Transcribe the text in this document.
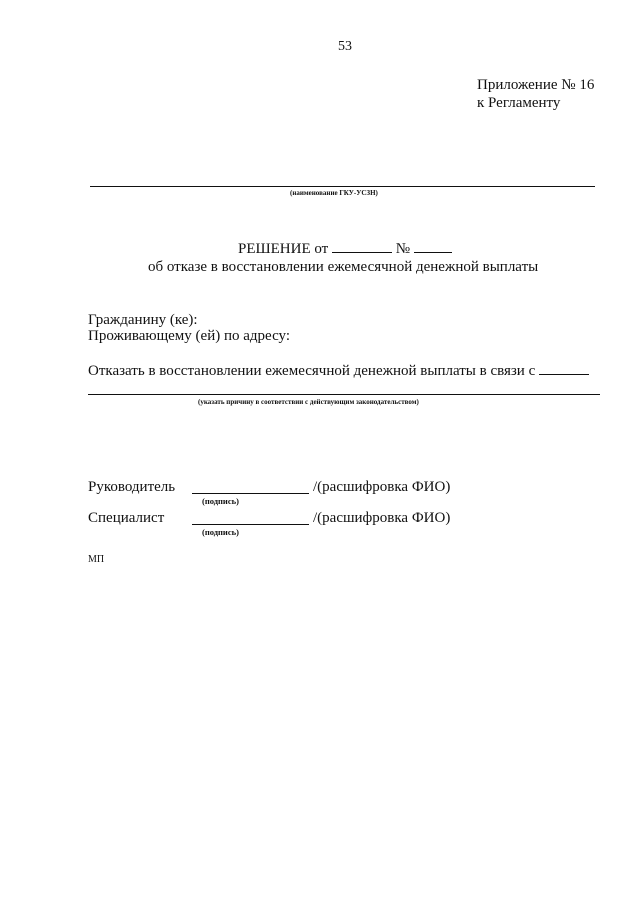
53
Приложение № 16
к Регламенту
(наименование ГКУ-УСЗН)
РЕШЕНИЕ от	№
об отказе в восстановлении ежемесячной денежной выплаты
Гражданину (ке):
Проживающему (ей) по адресу:
Отказать в восстановлении ежемесячной денежной выплаты в связи с
(указать причину в соответствии с действующим законодательством)
Руководитель	/(расшифровка ФИО)
(подпись)
Специалист	/(расшифровка ФИО)
(подпись)
МП
